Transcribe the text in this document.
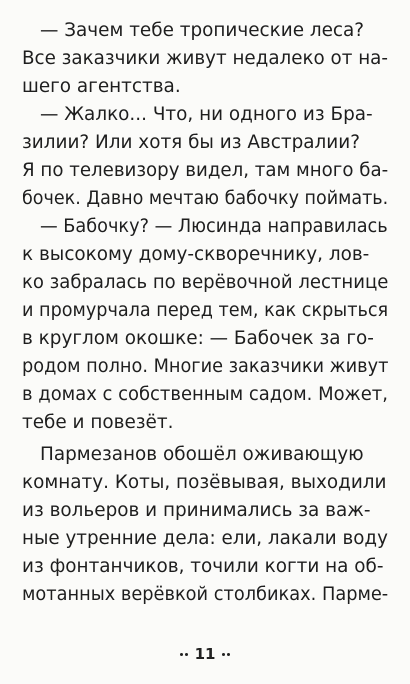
— Зачем тебе тропические леса?
Все заказчики живут недалеко от на-
шего агентства.
— Жалко... Что, ни одного из Бра-
зилии? Или хотя бы из Австралии?
Я по телевизору видел, там много ба-
бочек. Давно мечтаю бабочку поймать.
— Бабочку? — Люсинда направилась
к высокому дому-скворечнику, лов-
ко забралась по верёвочной лестнице
и промурчала перед тем, как скрыться
в круглом окошке: — Бабочек за го-
родом полно. Многие заказчики живут
в домах с собственным садом. Может,
тебе и повезёт.
Пармезанов обошёл оживающую
комнату. Коты, позёвывая, выходили
из вольеров и принимались за важ-
ные утренние дела: ели, лакали воду
из фонтанчиков, точили когти на об-
мотанных верёвкой столбиках. Парме-
11
